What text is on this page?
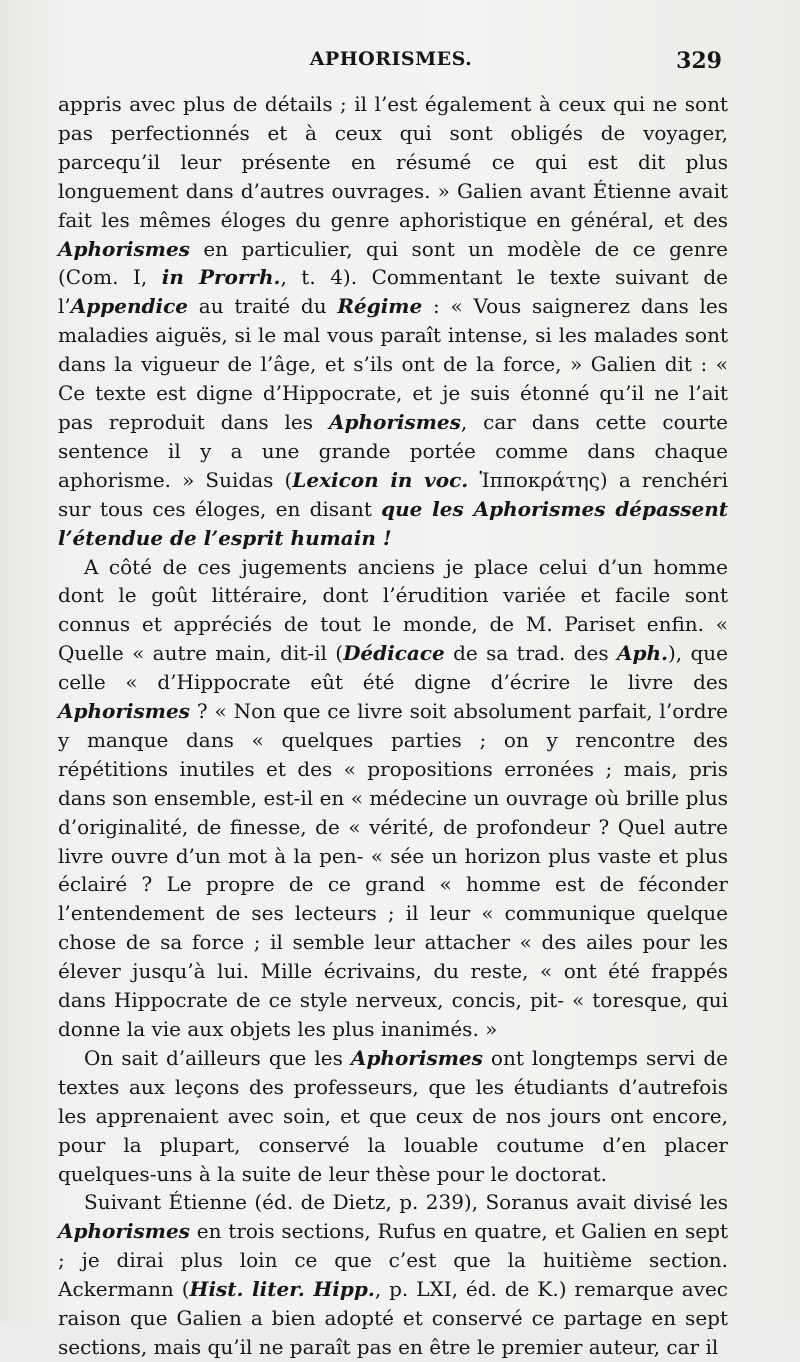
APHORISMES.	329

appris avec plus de détails ; il l’est également à ceux qui ne sont pas perfectionnés et à ceux qui sont obligés de voyager, parcequ’il leur présente en résumé ce qui est dit plus longuement dans d’autres ouvrages. » Galien avant Étienne avait fait les mêmes éloges du genre aphoristique en général, et des Aphorismes en particulier, qui sont un modèle de ce genre (Com. I, in Prorrh., t. 4). Commentant le texte suivant de l’Appendice au traité du Régime : « Vous saignerez dans les maladies aiguës, si le mal vous paraît intense, si les malades sont dans la vigueur de l’âge, et s’ils ont de la force, » Galien dit : « Ce texte est digne d’Hippocrate, et je suis étonné qu’il ne l’ait pas reproduit dans les Aphorismes, car dans cette courte sentence il y a une grande portée comme dans chaque aphorisme. » Suidas (Lexicon in voc. Ἱπποκράτης) a renchéri sur tous ces éloges, en disant que les Aphorismes dépassent l’étendue de l’esprit humain !

A côté de ces jugements anciens je place celui d’un homme dont le goût littéraire, dont l’érudition variée et facile sont connus et appréciés de tout le monde, de M. Pariset enfin. « Quelle « autre main, dit-il (Dédicace de sa trad. des Aph.), que celle « d’Hippocrate eût été digne d’écrire le livre des Aphorismes ? « Non que ce livre soit absolument parfait, l’ordre y manque dans « quelques parties ; on y rencontre des répétitions inutiles et des « propositions erronées ; mais, pris dans son ensemble, est-il en « médecine un ouvrage où brille plus d’originalité, de finesse, de « vérité, de profondeur ? Quel autre livre ouvre d’un mot à la pen- « sée un horizon plus vaste et plus éclairé ? Le propre de ce grand « homme est de féconder l’entendement de ses lecteurs ; il leur « communique quelque chose de sa force ; il semble leur attacher « des ailes pour les élever jusqu’à lui. Mille écrivains, du reste, « ont été frappés dans Hippocrate de ce style nerveux, concis, pit- « toresque, qui donne la vie aux objets les plus inanimés. »

On sait d’ailleurs que les Aphorismes ont longtemps servi de textes aux leçons des professeurs, que les étudiants d’autrefois les apprenaient avec soin, et que ceux de nos jours ont encore, pour la plupart, conservé la louable coutume d’en placer quelques-uns à la suite de leur thèse pour le doctorat.

Suivant Étienne (éd. de Dietz, p. 239), Soranus avait divisé les Aphorismes en trois sections, Rufus en quatre, et Galien en sept ; je dirai plus loin ce que c’est que la huitième section. Ackermann (Hist. liter. Hipp., p. LXI, éd. de K.) remarque avec raison que Galien a bien adopté et conservé ce partage en sept sections, mais qu’il ne paraît pas en être le premier auteur, car il
